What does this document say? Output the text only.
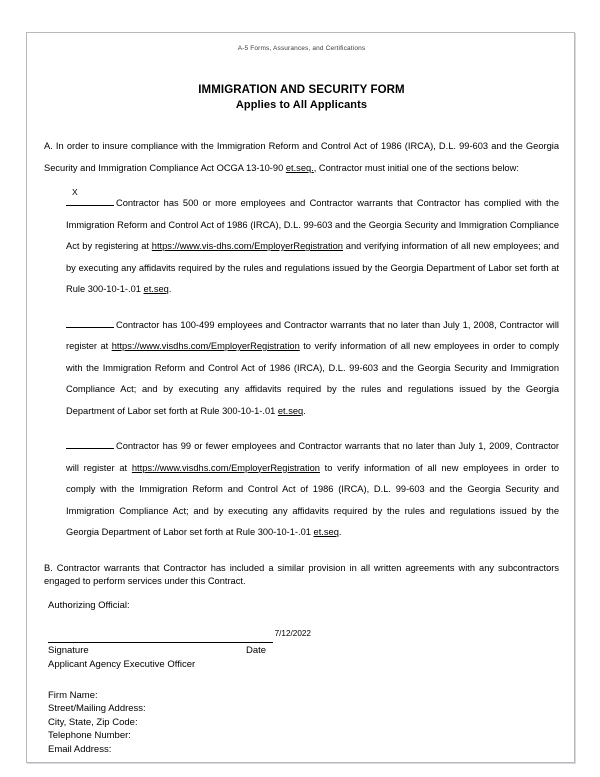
A-5 Forms, Assurances, and Certifications
IMMIGRATION AND SECURITY FORM
Applies to All Applicants

A. In order to insure compliance with the Immigration Reform and Control Act of 1986 (IRCA), D.L. 99-603 and the Georgia Security and Immigration Compliance Act OCGA 13-10-90 et.seq., Contractor must initial one of the sections below:

X
Contractor has 500 or more employees and Contractor warrants that Contractor has complied with the Immigration Reform and Control Act of 1986 (IRCA), D.L. 99-603 and the Georgia Security and Immigration Compliance Act by registering at https://www.vis-dhs.com/EmployerRegistration and verifying information of all new employees; and by executing any affidavits required by the rules and regulations issued by the Georgia Department of Labor set forth at Rule 300-10-1-.01 et.seq.

Contractor has 100-499 employees and Contractor warrants that no later than July 1, 2008, Contractor will register at https://www.visdhs.com/EmployerRegistration to verify information of all new employees in order to comply with the Immigration Reform and Control Act of 1986 (IRCA), D.L. 99-603 and the Georgia Security and Immigration Compliance Act; and by executing any affidavits required by the rules and regulations issued by the Georgia Department of Labor set forth at Rule 300-10-1-.01 et.seq.

Contractor has 99 or fewer employees and Contractor warrants that no later than July 1, 2009, Contractor will register at https://www.visdhs.com/EmployerRegistration to verify information of all new employees in order to comply with the Immigration Reform and Control Act of 1986 (IRCA), D.L. 99-603 and the Georgia Security and Immigration Compliance Act; and by executing any affidavits required by the rules and regulations issued by the Georgia Department of Labor set forth at Rule 300-10-1-.01 et.seq.

B. Contractor warrants that Contractor has included a similar provision in all written agreements with any subcontractors engaged to perform services under this Contract.

Authorizing Official:
7/12/2022
Signature	Date
Applicant Agency Executive Officer
Firm Name:
Street/Mailing Address:
City, State, Zip Code:
Telephone Number:
Email Address:
